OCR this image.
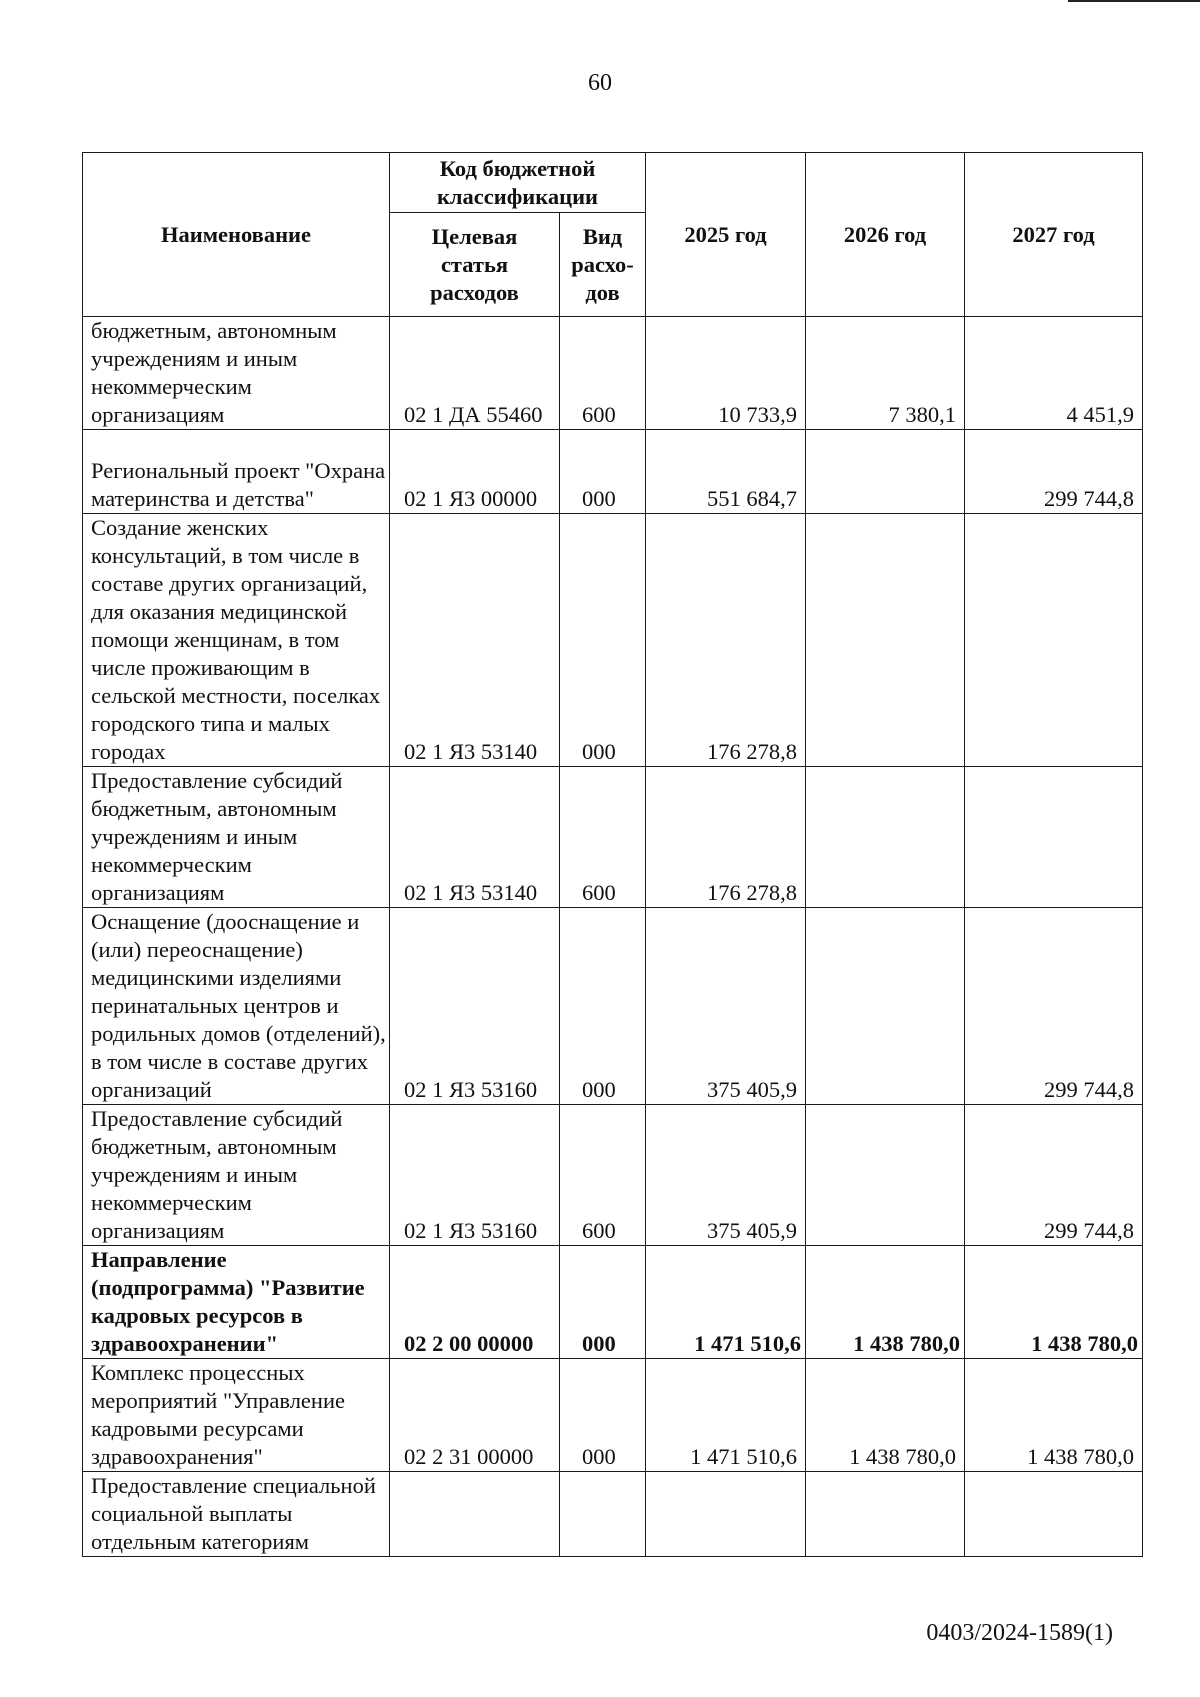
60
Наименование	Код бюджетной классификации		2025 год	2026 год	2027 год
	Целевая статья расходов	Вид расхо- дов			
бюджетным, автономным учреждениям и иным некоммерческим организациям	02 1 ДА 55460	600	10 733,9	7 380,1	4 451,9
Региональный проект "Охрана материнства и детства"	02 1 Я3 00000	000	551 684,7		299 744,8
Создание женских консультаций, в том числе в составе других организаций, для оказания медицинской помощи женщинам, в том числе проживающим в сельской местности, поселках городского типа и малых городах	02 1 Я3 53140	000	176 278,8		
Предоставление субсидий бюджетным, автономным учреждениям и иным некоммерческим организациям	02 1 Я3 53140	600	176 278,8		
Оснащение (дооснащение и (или) переоснащение) медицинскими изделиями перинатальных центров и родильных домов (отделений), в том числе в составе других организаций	02 1 Я3 53160	000	375 405,9		299 744,8
Предоставление субсидий бюджетным, автономным учреждениям и иным некоммерческим организациям	02 1 Я3 53160	600	375 405,9		299 744,8
Направление (подпрограмма) "Развитие кадровых ресурсов в здравоохранении"	02 2 00 00000	000	1 471 510,6	1 438 780,0	1 438 780,0
Комплекс процессных мероприятий "Управление кадровыми ресурсами здравоохранения"	02 2 31 00000	000	1 471 510,6	1 438 780,0	1 438 780,0
Предоставление специальной социальной выплаты отдельным категориям					
0403/2024-1589(1)
